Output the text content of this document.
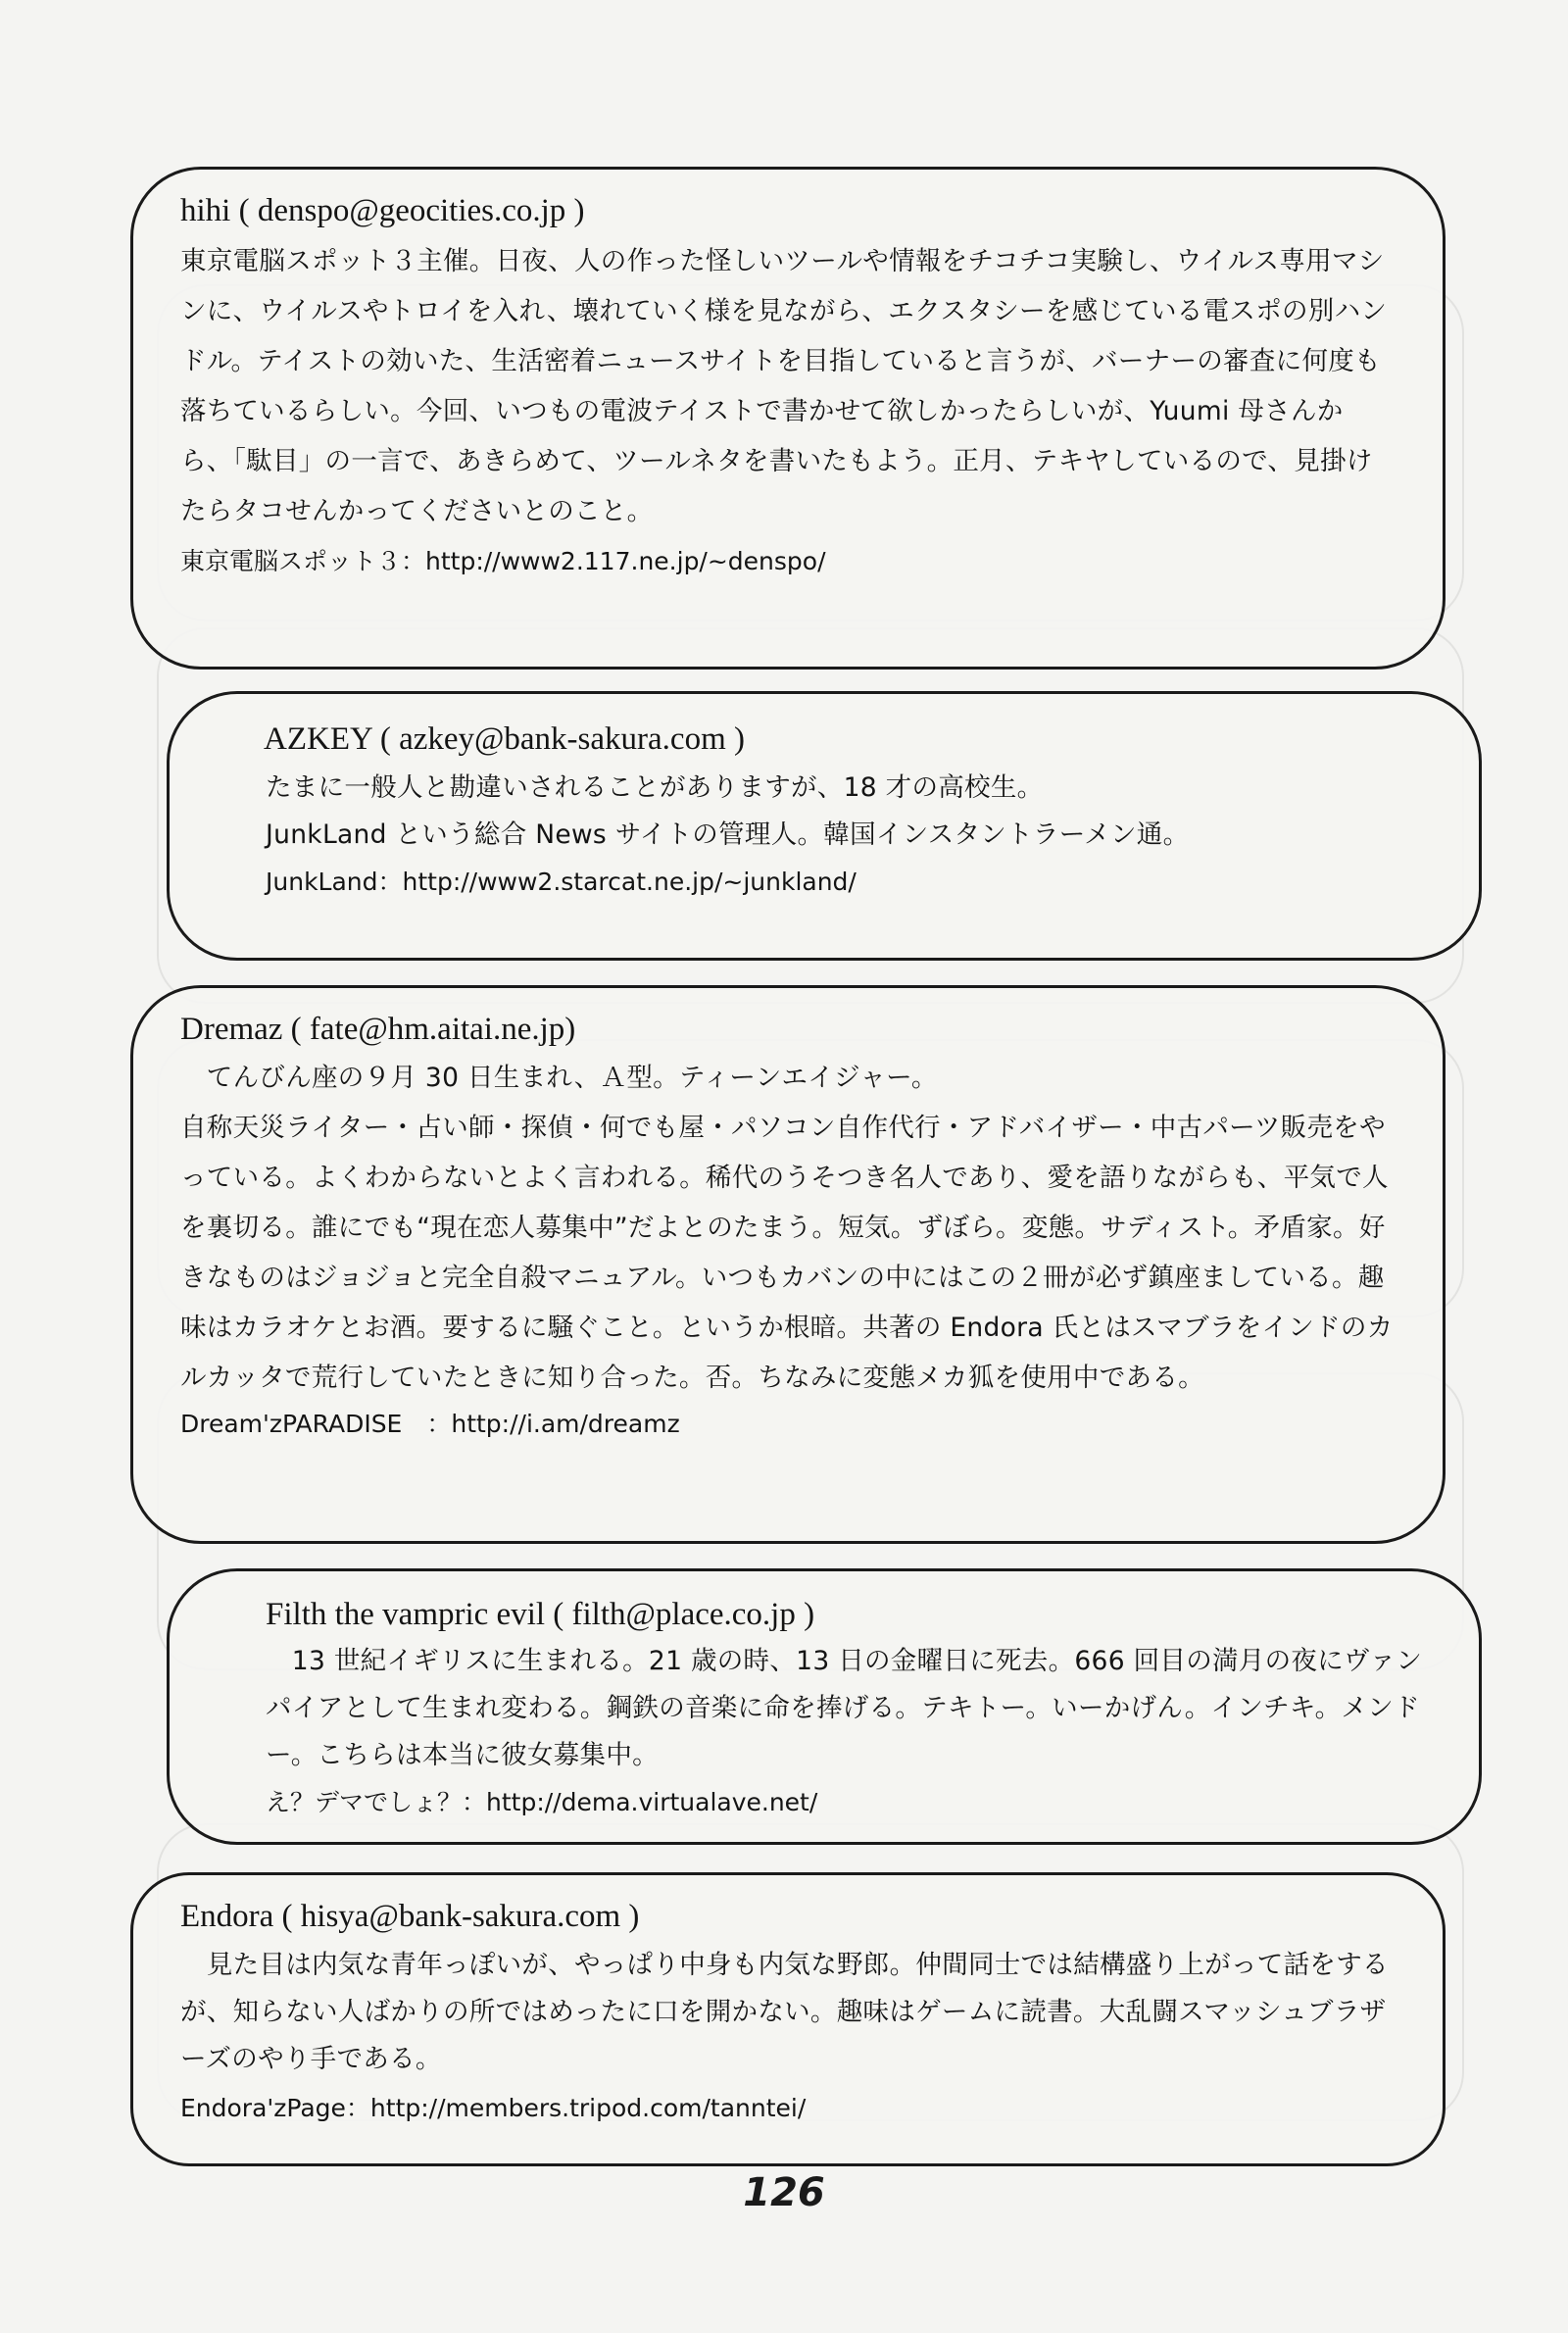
hihi ( denspo@geocities.co.jp )

東京電脳スポット３主催。日夜、人の作った怪しいツールや情報をチコチコ実験し、ウイルス専用マシンに、ウイルスやトロイを入れ、壊れていく様を見ながら、エクスタシーを感じている電スポの別ハンドル。テイストの効いた、生活密着ニュースサイトを目指していると言うが、バーナーの審査に何度も落ちているらしい。今回、いつもの電波テイストで書かせて欲しかったらしいが、Yuumi 母さんから、「駄目」の一言で、あきらめて、ツールネタを書いたもよう。正月、テキヤしているので、見掛けたらタコせんかってくださいとのこと。

東京電脳スポット３：http://www2.117.ne.jp/~denspo/

AZKEY ( azkey@bank-sakura.com )

たまに一般人と勘違いされることがありますが、18 才の高校生。

JunkLand という総合 News サイトの管理人。韓国インスタントラーメン通。

JunkLand：http://www2.starcat.ne.jp/~junkland/

Dremaz ( fate@hm.aitai.ne.jp)

　てんびん座の９月 30 日生まれ、Ａ型。ティーンエイジャー。

自称天災ライター・占い師・探偵・何でも屋・パソコン自作代行・アドバイザー・中古パーツ販売をやっている。よくわからないとよく言われる。稀代のうそつき名人であり、愛を語りながらも、平気で人を裏切る。誰にでも“現在恋人募集中”だよとのたまう。短気。ずぼら。変態。サディスト。矛盾家。好きなものはジョジョと完全自殺マニュアル。いつもカバンの中にはこの２冊が必ず鎮座ましている。趣味はカラオケとお酒。要するに騒ぐこと。というか根暗。共著の Endora 氏とはスマブラをインドのカルカッタで荒行していたときに知り合った。否。ちなみに変態メカ狐を使用中である。

Dream'zPARADISE　：http://i.am/dreamz

Filth the vampric evil ( filth@place.co.jp )

　13 世紀イギリスに生まれる。21 歳の時、13 日の金曜日に死去。666 回目の満月の夜にヴァンパイアとして生まれ変わる。鋼鉄の音楽に命を捧げる。テキトー。いーかげん。インチキ。メンドー。こちらは本当に彼女募集中。

え？デマでしょ？：http://dema.virtualave.net/

Endora ( hisya@bank-sakura.com )

　見た目は内気な青年っぽいが、やっぱり中身も内気な野郎。仲間同士では結構盛り上がって話をするが、知らない人ばかりの所ではめったに口を開かない。趣味はゲームに読書。大乱闘スマッシュブラザーズのやり手である。

Endora'zPage：http://members.tripod.com/tanntei/

126
